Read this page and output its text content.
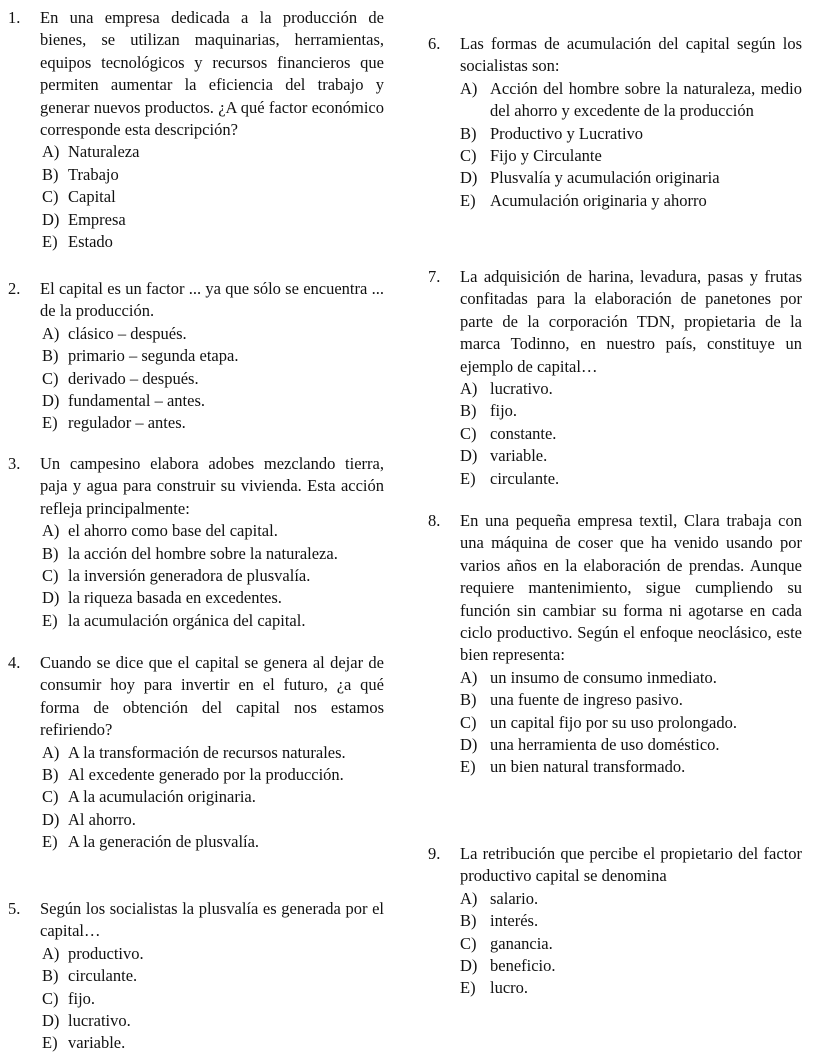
1.	En una empresa dedicada a la producción de bienes, se utilizan maquinarias, herramientas, equipos tecnológicos y recursos financieros que permiten aumentar la eficiencia del trabajo y generar nuevos productos. ¿A qué factor económico corresponde esta descripción?
A) Naturaleza
B) Trabajo
C) Capital
D) Empresa
E) Estado
2.	El capital es un factor ... ya que sólo se encuentra ... de la producción.
A) clásico – después.
B) primario – segunda etapa.
C) derivado – después.
D) fundamental – antes.
E) regulador – antes.
3.	Un campesino elabora adobes mezclando tierra, paja y agua para construir su vivienda. Esta acción refleja principalmente:
A) el ahorro como base del capital.
B) la acción del hombre sobre la naturaleza.
C) la inversión generadora de plusvalía.
D) la riqueza basada en excedentes.
E) la acumulación orgánica del capital.
4.	Cuando se dice que el capital se genera al dejar de consumir hoy para invertir en el futuro, ¿a qué forma de obtención del capital nos estamos refiriendo?
A) A la transformación de recursos naturales.
B) Al excedente generado por la producción.
C) A la acumulación originaria.
D) Al ahorro.
E) A la generación de plusvalía.
5.	Según los socialistas la plusvalía es generada por el capital…
A) productivo.
B) circulante.
C) fijo.
D) lucrativo.
E) variable.
6.	Las formas de acumulación del capital según los socialistas son:
A) Acción del hombre sobre la naturaleza, medio del ahorro y excedente de la producción
B) Productivo y Lucrativo
C) Fijo y Circulante
D) Plusvalía y acumulación originaria
E) Acumulación originaria y ahorro
7.	La adquisición de harina, levadura, pasas y frutas confitadas para la elaboración de panetones por parte de la corporación TDN, propietaria de la marca Todinno, en nuestro país, constituye un ejemplo de capital…
A) lucrativo.
B) fijo.
C) constante.
D) variable.
E) circulante.
8.	En una pequeña empresa textil, Clara trabaja con una máquina de coser que ha venido usando por varios años en la elaboración de prendas. Aunque requiere mantenimiento, sigue cumpliendo su función sin cambiar su forma ni agotarse en cada ciclo productivo. Según el enfoque neoclásico, este bien representa:
A) un insumo de consumo inmediato.
B) una fuente de ingreso pasivo.
C) un capital fijo por su uso prolongado.
D) una herramienta de uso doméstico.
E) un bien natural transformado.
9.	La retribución que percibe el propietario del factor productivo capital se denomina
A) salario.
B) interés.
C) ganancia.
D) beneficio.
E) lucro.
